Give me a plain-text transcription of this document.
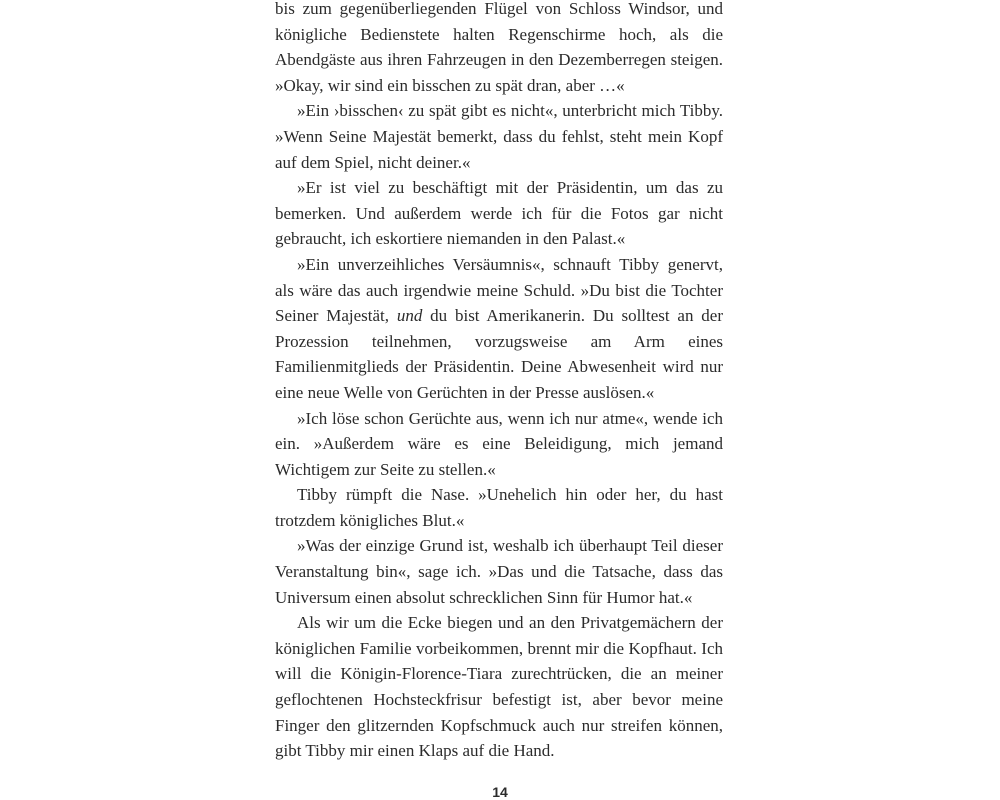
bis zum gegenüberliegenden Flügel von Schloss Windsor, und königliche Bedienstete halten Regenschirme hoch, als die Abendgäste aus ihren Fahrzeugen in den Dezemberregen steigen. »Okay, wir sind ein bisschen zu spät dran, aber …«

»Ein ›bisschen‹ zu spät gibt es nicht«, unterbricht mich Tibby. »Wenn Seine Majestät bemerkt, dass du fehlst, steht mein Kopf auf dem Spiel, nicht deiner.«

»Er ist viel zu beschäftigt mit der Präsidentin, um das zu bemerken. Und außerdem werde ich für die Fotos gar nicht gebraucht, ich eskortiere niemanden in den Palast.«

»Ein unverzeihliches Versäumnis«, schnauft Tibby genervt, als wäre das auch irgendwie meine Schuld. »Du bist die Tochter Seiner Majestät, und du bist Amerikanerin. Du solltest an der Prozession teilnehmen, vorzugsweise am Arm eines Familienmitglieds der Präsidentin. Deine Abwesenheit wird nur eine neue Welle von Gerüchten in der Presse auslösen.«

»Ich löse schon Gerüchte aus, wenn ich nur atme«, wende ich ein. »Außerdem wäre es eine Beleidigung, mich jemand Wichtigem zur Seite zu stellen.«

Tibby rümpft die Nase. »Unehelich hin oder her, du hast trotzdem königliches Blut.«

»Was der einzige Grund ist, weshalb ich überhaupt Teil dieser Veranstaltung bin«, sage ich. »Das und die Tatsache, dass das Universum einen absolut schrecklichen Sinn für Humor hat.«

Als wir um die Ecke biegen und an den Privatgemächern der königlichen Familie vorbeikommen, brennt mir die Kopfhaut. Ich will die Königin-Florence-Tiara zurechtrücken, die an meiner geflochtenen Hochsteckfrisur befestigt ist, aber bevor meine Finger den glitzernden Kopfschmuck auch nur streifen können, gibt Tibby mir einen Klaps auf die Hand.

14
